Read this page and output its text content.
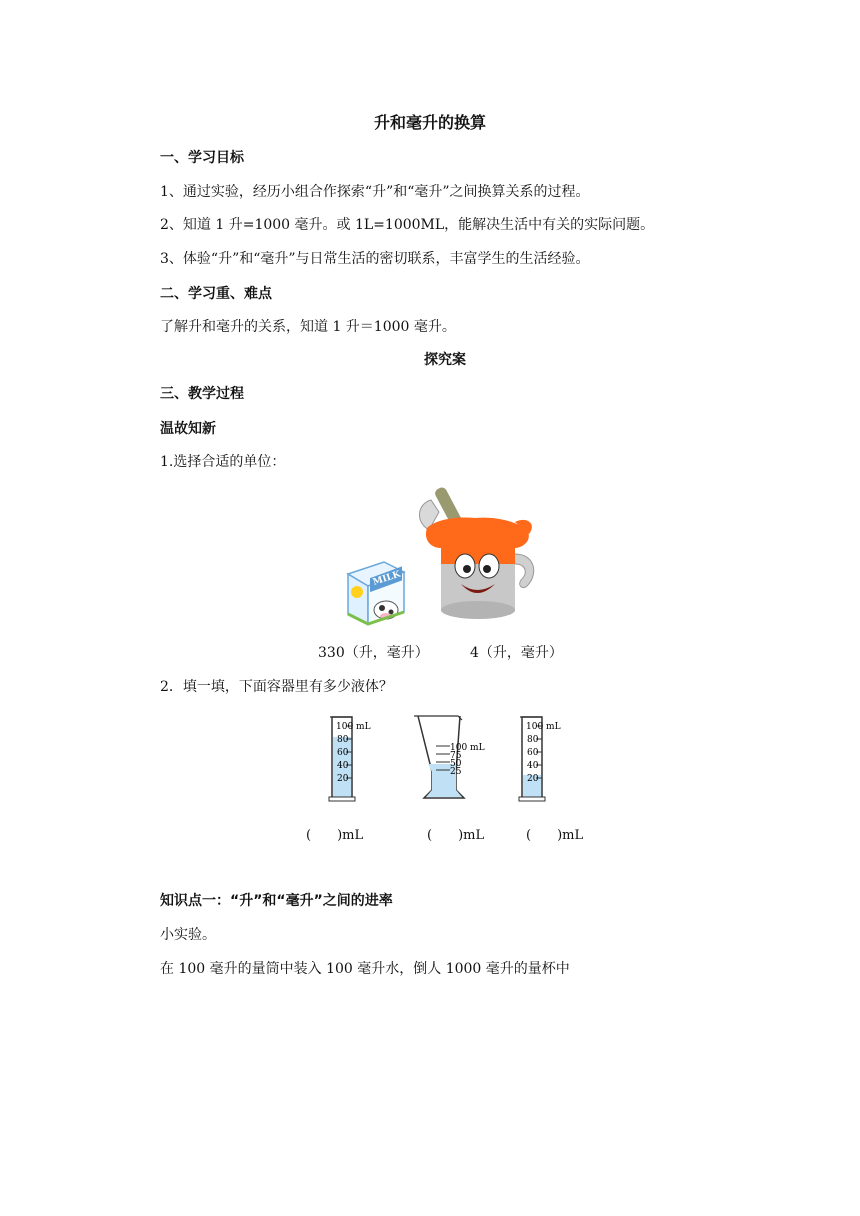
升和毫升的换算
一、学习目标
1、通过实验，经历小组合作探索“升”和“毫升”之间换算关系的过程。
2、知道 1 升=1000 毫升。或 1L=1000ML，能解决生活中有关的实际问题。
3、体验“升”和“毫升”与日常生活的密切联系，丰富学生的生活经验。
二、学习重、难点
了解升和毫升的关系，知道 1 升＝1000 毫升。
探究案
三、教学过程
温故知新
1.选择合适的单位：
MILK
330（升，毫升）	4（升，毫升）
2．填一填，下面容器里有多少液体？
100 mL
80
60
40
20
100 mL
75
50
25
100 mL
80
60
40
20
(　　)mL	(　　)mL	(　　)mL
知识点一：“升”和“毫升”之间的进率
小实验。
在 100 毫升的量筒中装入 100 毫升水，倒人 1000 毫升的量杯中
